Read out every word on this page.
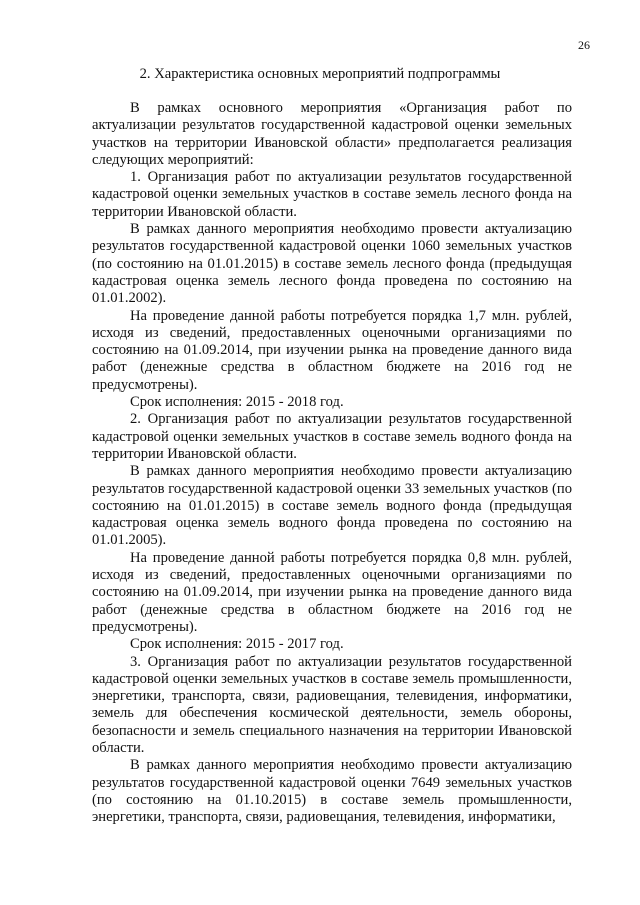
26
2. Характеристика основных мероприятий подпрограммы

В рамках основного мероприятия «Организация работ по актуализации результатов государственной кадастровой оценки земельных участков на территории Ивановской области» предполагается реализация следующих мероприятий:

1. Организация работ по актуализации результатов государственной кадастровой оценки земельных участков в составе земель лесного фонда на территории Ивановской области.

В рамках данного мероприятия необходимо провести актуализацию результатов государственной кадастровой оценки 1060 земельных участков (по состоянию на 01.01.2015) в составе земель лесного фонда (предыдущая кадастровая оценка земель лесного фонда проведена по состоянию на 01.01.2002).

На проведение данной работы потребуется порядка 1,7 млн. рублей, исходя из сведений, предоставленных оценочными организациями по состоянию на 01.09.2014, при изучении рынка на проведение данного вида работ (денежные средства в областном бюджете на 2016 год не предусмотрены).

Срок исполнения: 2015 - 2018 год.

2. Организация работ по актуализации результатов государственной кадастровой оценки земельных участков в составе земель водного фонда на территории Ивановской области.

В рамках данного мероприятия необходимо провести актуализацию результатов государственной кадастровой оценки 33 земельных участков (по состоянию на 01.01.2015) в составе земель водного фонда (предыдущая кадастровая оценка земель водного фонда проведена по состоянию на 01.01.2005).

На проведение данной работы потребуется порядка 0,8 млн. рублей, исходя из сведений, предоставленных оценочными организациями по состоянию на 01.09.2014, при изучении рынка на проведение данного вида работ (денежные средства в областном бюджете на 2016 год не предусмотрены).

Срок исполнения: 2015 - 2017 год.

3. Организация работ по актуализации результатов государственной кадастровой оценки земельных участков в составе земель промышленности, энергетики, транспорта, связи, радиовещания, телевидения, информатики, земель для обеспечения космической деятельности, земель обороны, безопасности и земель специального назначения на территории Ивановской области.

В рамках данного мероприятия необходимо провести актуализацию результатов государственной кадастровой оценки 7649 земельных участков (по состоянию на 01.10.2015) в составе земель промышленности, энергетики, транспорта, связи, радиовещания, телевидения, информатики,
